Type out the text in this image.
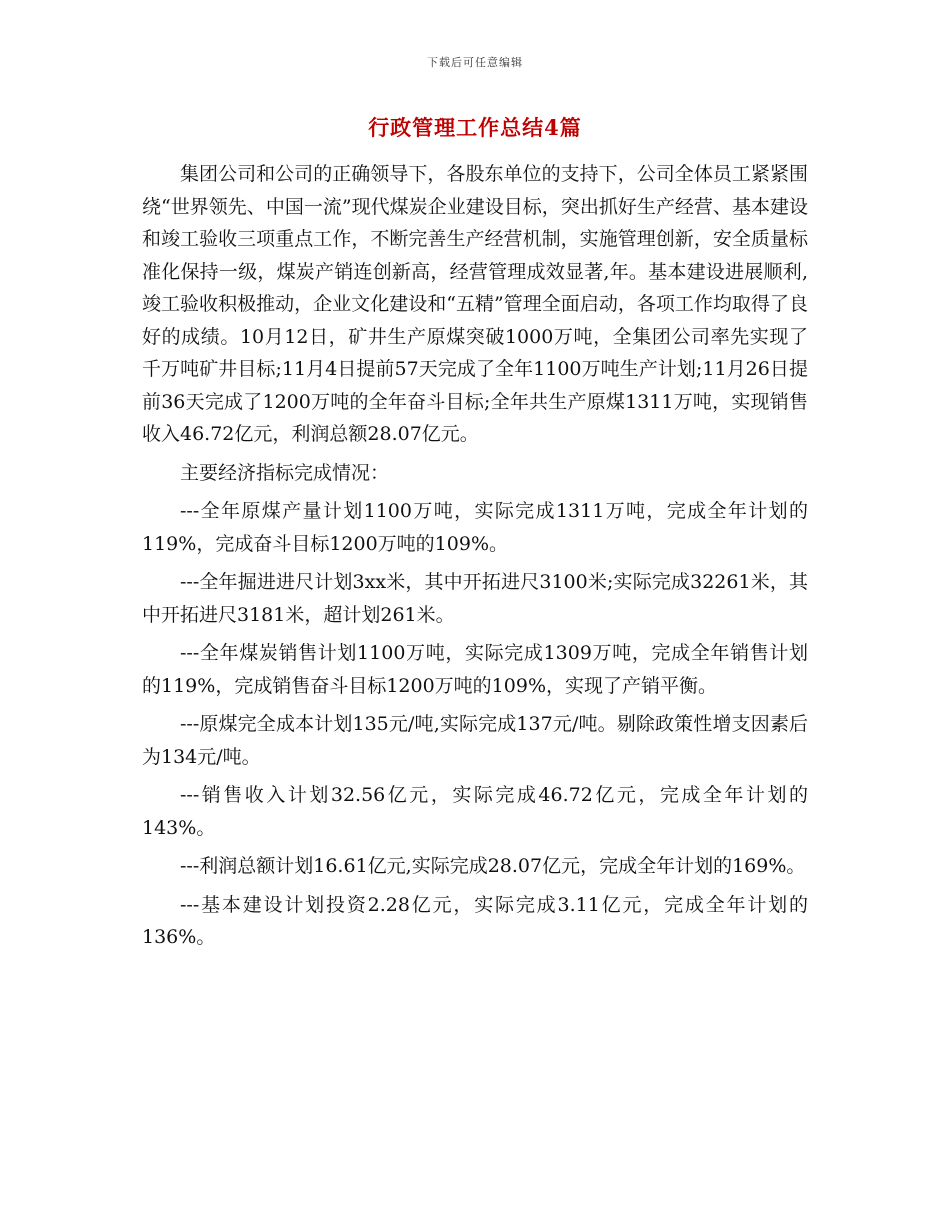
下载后可任意编辑
行政管理工作总结4篇

集团公司和公司的正确领导下，各股东单位的支持下，公司全体员工紧紧围绕“世界领先、中国一流”现代煤炭企业建设目标，突出抓好生产经营、基本建设和竣工验收三项重点工作，不断完善生产经营机制，实施管理创新，安全质量标准化保持一级，煤炭产销连创新高，经营管理成效显著,年。基本建设进展顺利,竣工验收积极推动，企业文化建设和“五精”管理全面启动，各项工作均取得了良好的成绩。10月12日，矿井生产原煤突破1000万吨，全集团公司率先实现了千万吨矿井目标;11月4日提前57天完成了全年1100万吨生产计划;11月26日提前36天完成了1200万吨的全年奋斗目标;全年共生产原煤1311万吨，实现销售收入46.72亿元，利润总额28.07亿元。

主要经济指标完成情况：

---全年原煤产量计划1100万吨，实际完成1311万吨，完成全年计划的119%，完成奋斗目标1200万吨的109%。

---全年掘进进尺计划3xx米，其中开拓进尺3100米;实际完成32261米，其中开拓进尺3181米，超计划261米。

---全年煤炭销售计划1100万吨，实际完成1309万吨，完成全年销售计划的119%，完成销售奋斗目标1200万吨的109%，实现了产销平衡。

---原煤完全成本计划135元/吨,实际完成137元/吨。剔除政策性增支因素后为134元/吨。

---销售收入计划32.56亿元，实际完成46.72亿元，完成全年计划的143%。

---利润总额计划16.61亿元,实际完成28.07亿元，完成全年计划的169%。

---基本建设计划投资2.28亿元，实际完成3.11亿元，完成全年计划的136%。
